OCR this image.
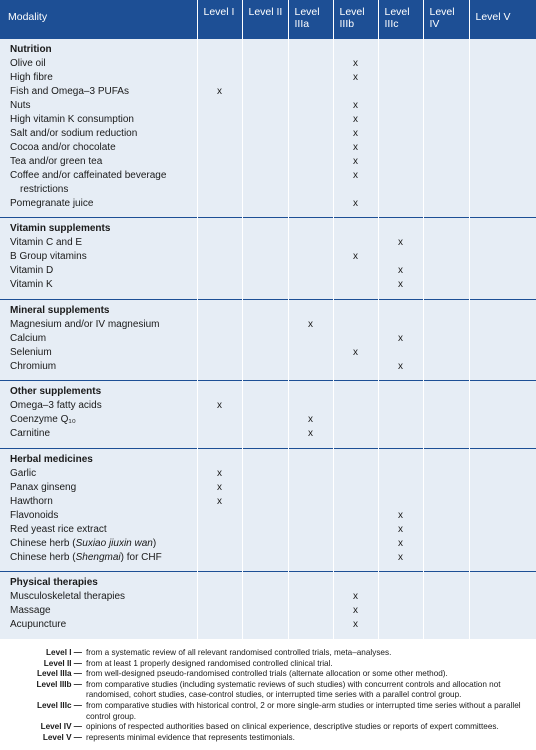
Modality	Level I	Level II	Level IIIa	Level IIIb	Level IIIc	Level IV	Level V
Nutrition							
Olive oil				x			
High fibre				x			
Fish and Omega–3 PUFAs	x						
Nuts				x			
High vitamin K consumption				x			
Salt and/or sodium reduction				x			
Cocoa and/or chocolate				x			
Tea and/or green tea				x			
Coffee and/or caffeinated beverage
restrictions				x			
Pomegranate juice				x			

Vitamin supplements							
Vitamin C and E					x		
B Group vitamins				x			
Vitamin D					x		
Vitamin K					x		

Mineral supplements							
Magnesium and/or IV magnesium			x				
Calcium					x		
Selenium				x			
Chromium					x		

Other supplements							
Omega–3 fatty acids	x						
Coenzyme Q₁₀			x				
Carnitine			x				

Herbal medicines							
Garlic	x						
Panax ginseng	x						
Hawthorn	x						
Flavonoids					x		
Red yeast rice extract					x		
Chinese herb (Suxiao jiuxin wan)					x		
Chinese herb (Shengmai) for CHF					x		

Physical therapies							
Musculoskeletal therapies				x			
Massage				x			
Acupuncture				x			

Level I — from a systematic review of all relevant randomised controlled trials, meta–analyses.
Level II — from at least 1 properly designed randomised controlled clinical trial.
Level IIIa — from well-designed pseudo-randomised controlled trials (alternate allocation or some other method).
Level IIIb — from comparative studies (including systematic reviews of such studies) with concurrent controls and allocation not randomised, cohort studies, case-control studies, or interrupted time series with a parallel control group.
Level IIIc — from comparative studies with historical control, 2 or more single-arm studies or interrupted time series without a parallel control group.
Level IV — opinions of respected authorities based on clinical experience, descriptive studies or reports of expert committees.
Level V — represents minimal evidence that represents testimonials.
